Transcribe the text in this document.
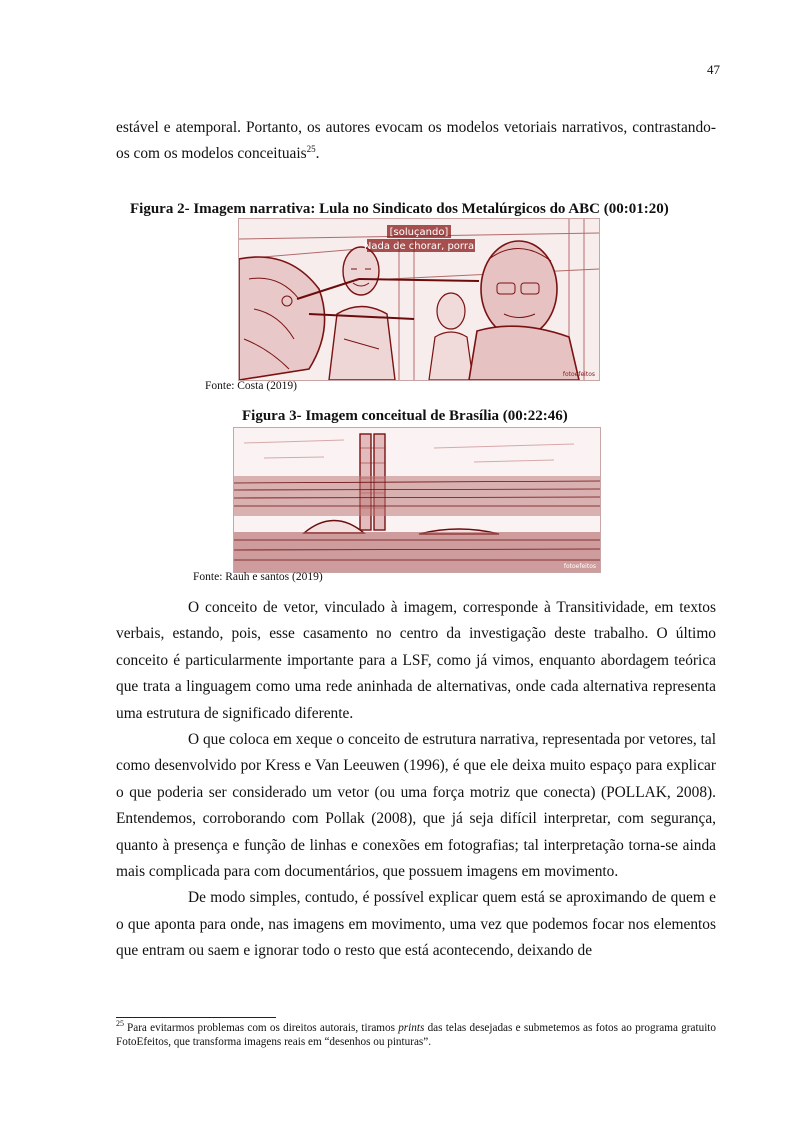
47
estável e atemporal. Portanto, os autores evocam os modelos vetoriais narrativos, contrastando-os com os modelos conceituais$^{25}$.
Figura 2- Imagem narrativa: Lula no Sindicato dos Metalúrgicos do ABC (00:01:20)
[soluçando]
Nada de chorar, porra!
fotoefeitos
Fonte: Costa (2019)
Figura 3- Imagem conceitual de Brasília (00:22:46)
fotoefeitos
Fonte: Rauh e santos (2019)

O conceito de vetor, vinculado à imagem, corresponde à Transitividade, em textos verbais, estando, pois, esse casamento no centro da investigação deste trabalho. O último conceito é particularmente importante para a LSF, como já vimos, enquanto abordagem teórica que trata a linguagem como uma rede aninhada de alternativas, onde cada alternativa representa uma estrutura de significado diferente.

O que coloca em xeque o conceito de estrutura narrativa, representada por vetores, tal como desenvolvido por Kress e Van Leeuwen (1996), é que ele deixa muito espaço para explicar o que poderia ser considerado um vetor (ou uma força motriz que conecta) (POLLAK, 2008). Entendemos, corroborando com Pollak (2008), que já seja difícil interpretar, com segurança, quanto à presença e função de linhas e conexões em fotografias; tal interpretação torna-se ainda mais complicada para com documentários, que possuem imagens em movimento.

De modo simples, contudo, é possível explicar quem está se aproximando de quem e o que aponta para onde, nas imagens em movimento, uma vez que podemos focar nos elementos que entram ou saem e ignorar todo o resto que está acontecendo, deixando de

$^{25}$ Para evitarmos problemas com os direitos autorais, tiramos prints das telas desejadas e submetemos as fotos ao programa gratuito FotoEfeitos, que transforma imagens reais em “desenhos ou pinturas”.
